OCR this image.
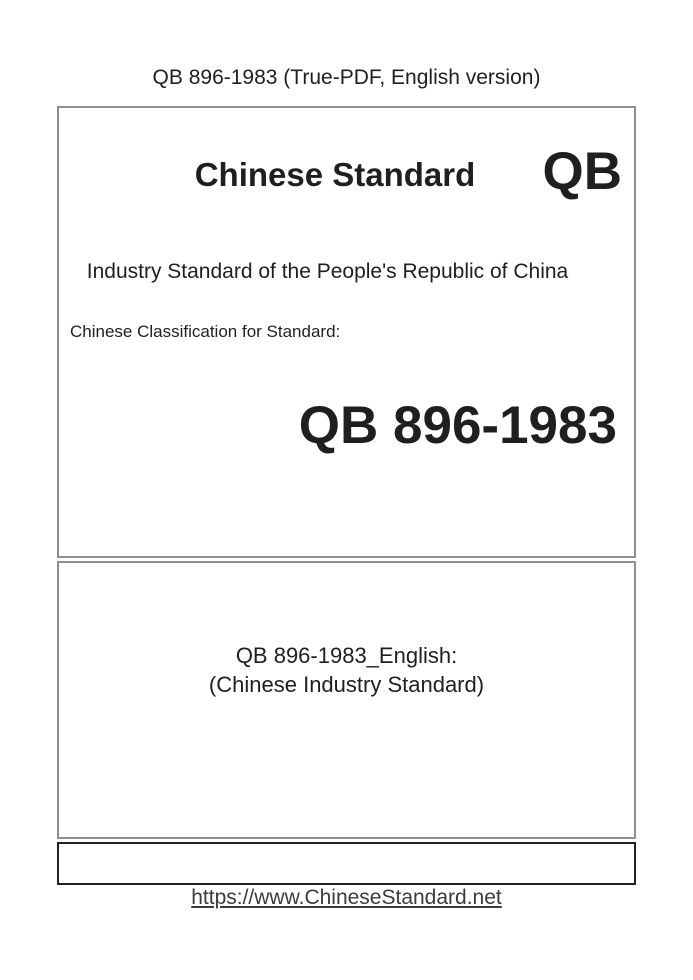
QB 896-1983 (True-PDF, English version)
Chinese Standard	QB
Industry Standard of the People's Republic of China
Chinese Classification for Standard:
QB 896-1983
QB 896-1983_English:
(Chinese Industry Standard)
https://www.ChineseStandard.net
